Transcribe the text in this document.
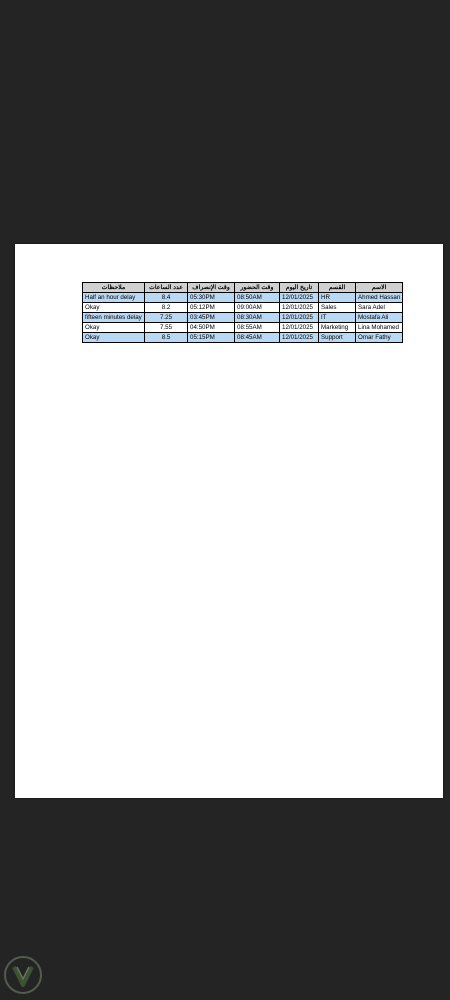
ملاحظات	عدد الساعات	وقت الإنصراف	وقت الحضور	تاريخ اليوم	القسم	الاسم
Half an hour delay	8.4	05:30PM	08:50AM	12/01/2025	HR	Ahmed Hassan
Okay	8.2	05:12PM	09:00AM	12/01/2025	Sales	Sara Adel
fifteen minutes delay	7.25	03:45PM	08:30AM	12/01/2025	IT	Mostafa Ali
Okay	7.55	04:50PM	08:55AM	12/01/2025	Marketing	Lina Mohamed
Okay	8.5	05:15PM	08:45AM	12/01/2025	Support	Omar Fathy
